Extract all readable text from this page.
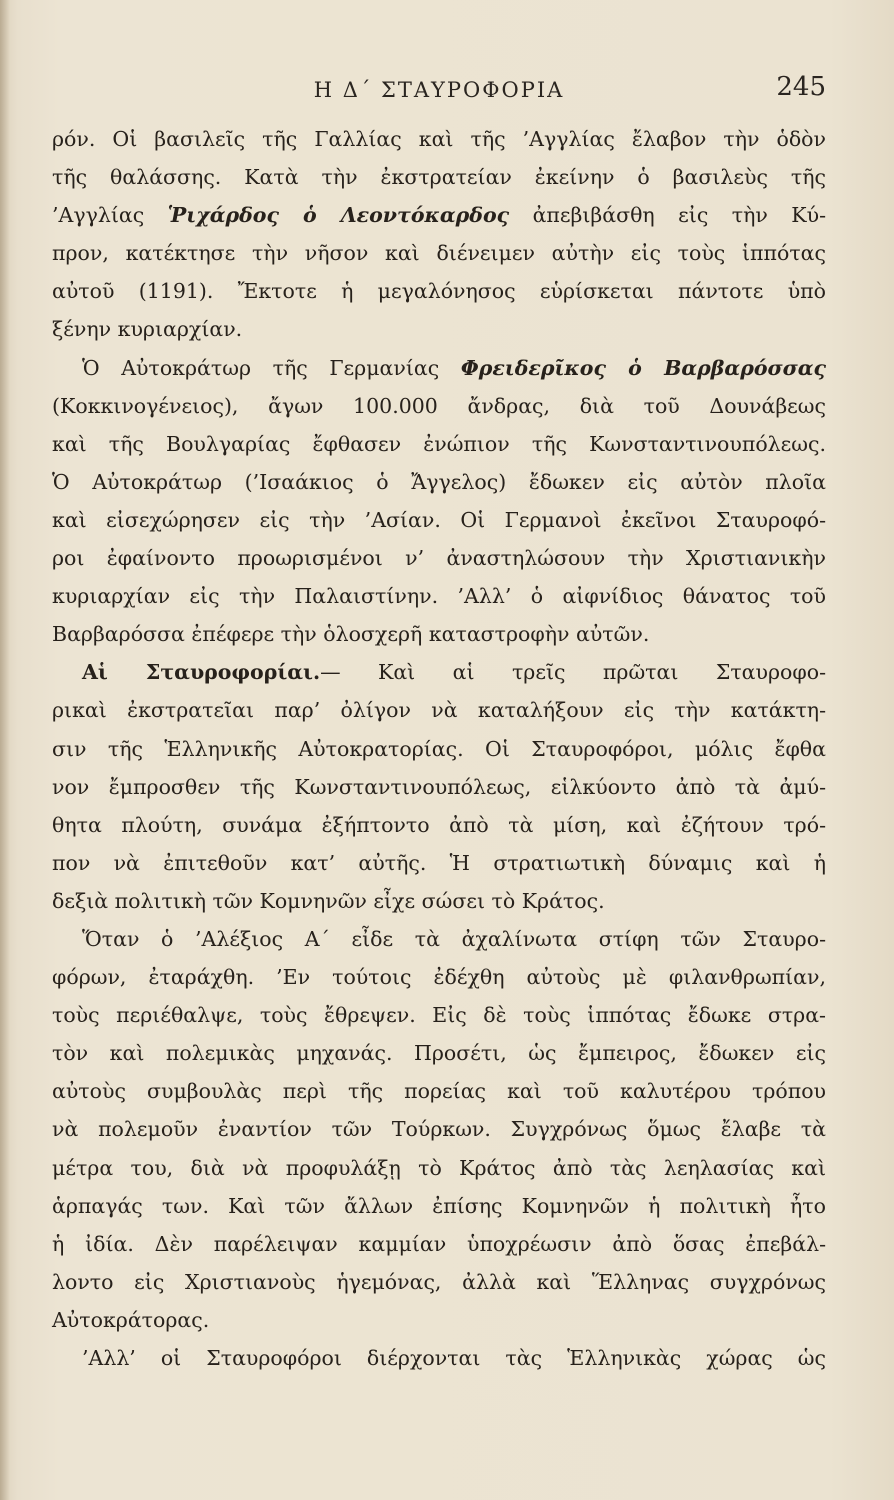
Η Δ΄ ΣΤΑΥΡΟΦΟΡΙΑ	245
ρόν. Οἱ βασιλεῖς τῆς Γαλλίας καὶ τῆς ’Αγγλίας ἔλαβον τὴν ὁδὸν
τῆς θαλάσσης. Κατὰ τὴν ἐκστρατείαν ἐκείνην ὁ βασιλεὺς τῆς
’Αγγλίας Ῥιχάρδος ὁ Λεοντόκαρδος ἀπεβιβάσθη εἰς τὴν Κύ-
προν, κατέκτησε τὴν νῆσον καὶ διένειμεν αὐτὴν εἰς τοὺς ἱππότας
αὐτοῦ (1191). Ἔκτοτε ἡ μεγαλόνησος εὑρίσκεται πάντοτε ὑπὸ
ξένην κυριαρχίαν.
Ὁ Αὐτοκράτωρ τῆς Γερμανίας Φρειδερῖκος ὁ Βαρβαρόσσας
(Κοκκινογένειος), ἄγων 100.000 ἄνδρας, διὰ τοῦ Δουνάβεως
καὶ τῆς Βουλγαρίας ἔφθασεν ἐνώπιον τῆς Κωνσταντινουπόλεως.
Ὁ Αὐτοκράτωρ (’Ισαάκιος ὁ Ἄγγελος) ἔδωκεν εἰς αὐτὸν πλοῖα
καὶ εἰσεχώρησεν εἰς τὴν ’Ασίαν. Οἱ Γερμανοὶ ἐκεῖνοι Σταυροφό-
ροι ἐφαίνοντο προωρισμένοι ν’ ἀναστηλώσουν τὴν Χριστιανικὴν
κυριαρχίαν εἰς τὴν Παλαιστίνην. ’Αλλ’ ὁ αἰφνίδιος θάνατος τοῦ
Βαρβαρόσσα ἐπέφερε τὴν ὁλοσχερῆ καταστροφὴν αὐτῶν.
Αἱ Σταυροφορίαι.— Καὶ αἱ τρεῖς πρῶται Σταυροφο-
ρικαὶ ἐκστρατεῖαι παρ’ ὀλίγον νὰ καταλήξουν εἰς τὴν κατάκτη-
σιν τῆς Ἑλληνικῆς Αὐτοκρατορίας. Οἱ Σταυροφόροι, μόλις ἔφθα
νον ἔμπροσθεν τῆς Κωνσταντινουπόλεως, εἱλκύοντο ἀπὸ τὰ ἀμύ-
θητα πλούτη, συνάμα ἐξήπτοντο ἀπὸ τὰ μίση, καὶ ἐζήτουν τρό-
πον νὰ ἐπιτεθοῦν κατ’ αὐτῆς. Ἡ στρατιωτικὴ δύναμις καὶ ἡ
δεξιὰ πολιτικὴ τῶν Κομνηνῶν εἶχε σώσει τὸ Κράτος.
Ὅταν ὁ ’Αλέξιος Α΄ εἶδε τὰ ἀχαλίνωτα στίφη τῶν Σταυρο-
φόρων, ἐταράχθη. ’Εν τούτοις ἐδέχθη αὐτοὺς μὲ φιλανθρωπίαν,
τοὺς περιέθαλψε, τοὺς ἔθρεψεν. Εἰς δὲ τοὺς ἱππότας ἔδωκε στρα-
τὸν καὶ πολεμικὰς μηχανάς. Προσέτι, ὡς ἔμπειρος, ἔδωκεν εἰς
αὐτοὺς συμβουλὰς περὶ τῆς πορείας καὶ τοῦ καλυτέρου τρόπου
νὰ πολεμοῦν ἐναντίον τῶν Τούρκων. Συγχρόνως ὅμως ἔλαβε τὰ
μέτρα του, διὰ νὰ προφυλάξῃ τὸ Κράτος ἀπὸ τὰς λεηλασίας καὶ
ἁρπαγάς των. Καὶ τῶν ἄλλων ἐπίσης Κομνηνῶν ἡ πολιτικὴ ἦτο
ἡ ἰδία. Δὲν παρέλειψαν καμμίαν ὑποχρέωσιν ἀπὸ ὅσας ἐπεβάλ-
λοντο εἰς Χριστιανοὺς ἡγεμόνας, ἀλλὰ καὶ Ἕλληνας συγχρόνως
Αὐτοκράτορας.
’Αλλ’ οἱ Σταυροφόροι διέρχονται τὰς Ἑλληνικὰς χώρας ὡς
